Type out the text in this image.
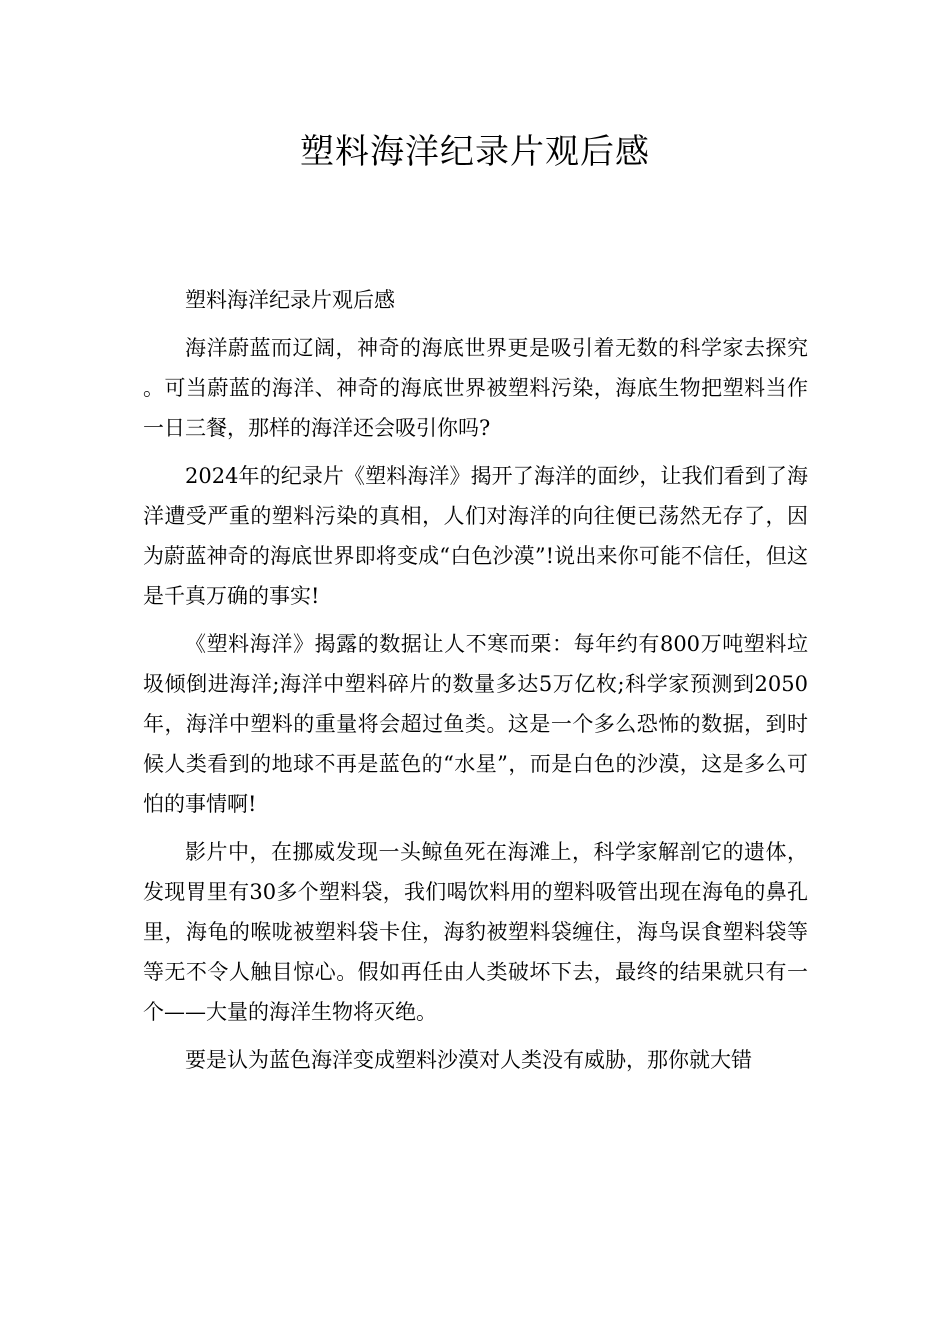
塑料海洋纪录片观后感

塑料海洋纪录片观后感

海洋蔚蓝而辽阔，神奇的海底世界更是吸引着无数的科学家去探究。可当蔚蓝的海洋、神奇的海底世界被塑料污染，海底生物把塑料当作一日三餐，那样的海洋还会吸引你吗?

2024年的纪录片《塑料海洋》揭开了海洋的面纱，让我们看到了海洋遭受严重的塑料污染的真相，人们对海洋的向往便已荡然无存了，因为蔚蓝神奇的海底世界即将变成“白色沙漠”!说出来你可能不信任，但这是千真万确的事实!

《塑料海洋》揭露的数据让人不寒而栗：每年约有800万吨塑料垃圾倾倒进海洋;海洋中塑料碎片的数量多达5万亿枚;科学家预测到2050年，海洋中塑料的重量将会超过鱼类。这是一个多么恐怖的数据，到时候人类看到的地球不再是蓝色的“水星”，而是白色的沙漠，这是多么可怕的事情啊!

影片中，在挪威发现一头鲸鱼死在海滩上，科学家解剖它的遗体，发现胃里有30多个塑料袋，我们喝饮料用的塑料吸管出现在海龟的鼻孔里，海龟的喉咙被塑料袋卡住，海豹被塑料袋缠住，海鸟误食塑料袋等等无不令人触目惊心。假如再任由人类破坏下去，最终的结果就只有一个——大量的海洋生物将灭绝。

要是认为蓝色海洋变成塑料沙漠对人类没有威胁，那你就大错
